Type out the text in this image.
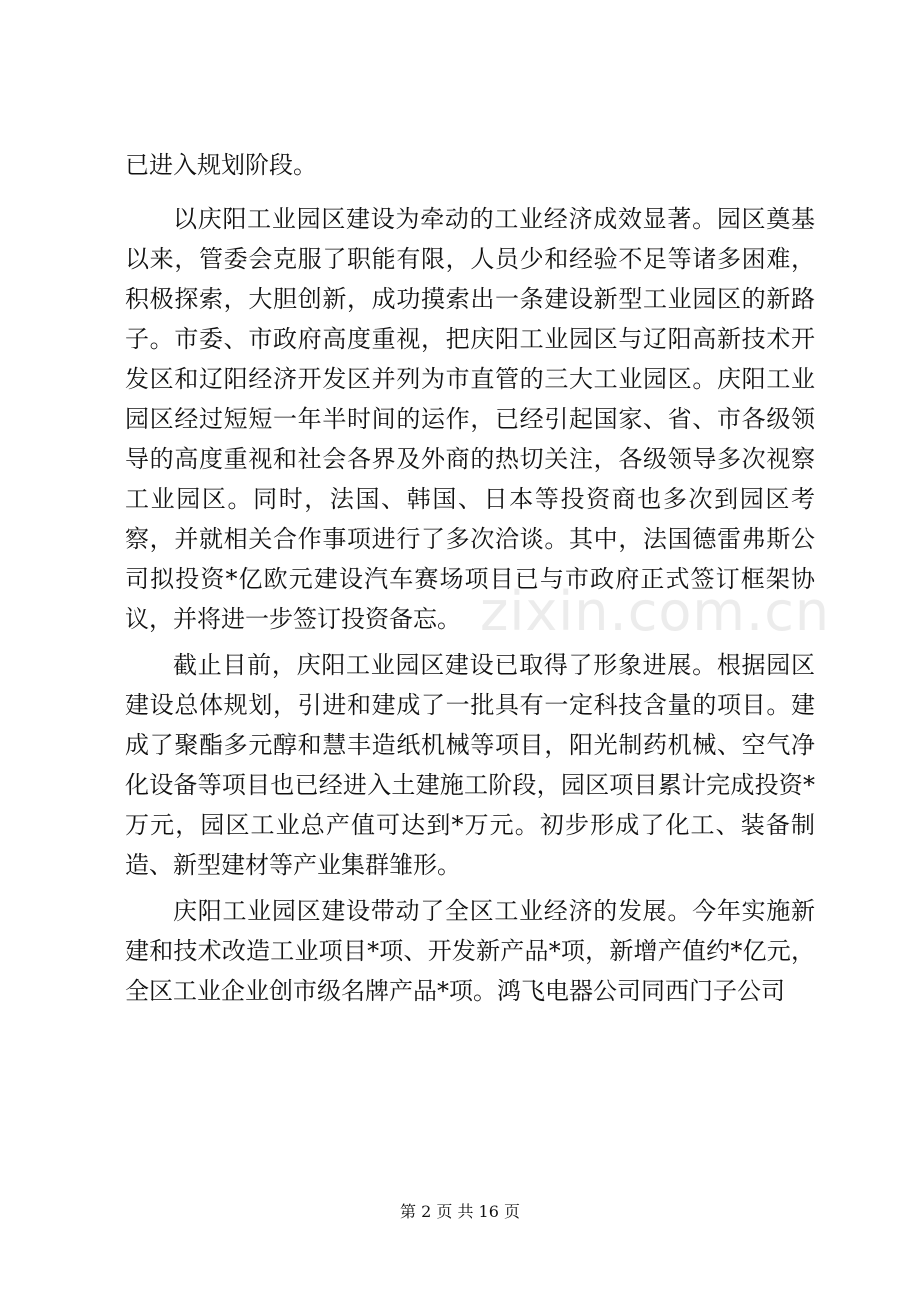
已进入规划阶段。

以庆阳工业园区建设为牵动的工业经济成效显著。园区奠基以来，管委会克服了职能有限，人员少和经验不足等诸多困难，积极探索，大胆创新，成功摸索出一条建设新型工业园区的新路子。市委、市政府高度重视，把庆阳工业园区与辽阳高新技术开发区和辽阳经济开发区并列为市直管的三大工业园区。庆阳工业园区经过短短一年半时间的运作，已经引起国家、省、市各级领导的高度重视和社会各界及外商的热切关注，各级领导多次视察工业园区。同时，法国、韩国、日本等投资商也多次到园区考察，并就相关合作事项进行了多次洽谈。其中，法国德雷弗斯公司拟投资*亿欧元建设汽车赛场项目已与市政府正式签订框架协议，并将进一步签订投资备忘。

截止目前，庆阳工业园区建设已取得了形象进展。根据园区建设总体规划，引进和建成了一批具有一定科技含量的项目。建成了聚酯多元醇和慧丰造纸机械等项目，阳光制药机械、空气净化设备等项目也已经进入土建施工阶段，园区项目累计完成投资*万元，园区工业总产值可达到*万元。初步形成了化工、装备制造、新型建材等产业集群雏形。

庆阳工业园区建设带动了全区工业经济的发展。今年实施新建和技术改造工业项目*项、开发新产品*项，新增产值约*亿元，全区工业企业创市级名牌产品*项。鸿飞电器公司同西门子公司

zixin.com.cn
第 2 页 共 16 页
